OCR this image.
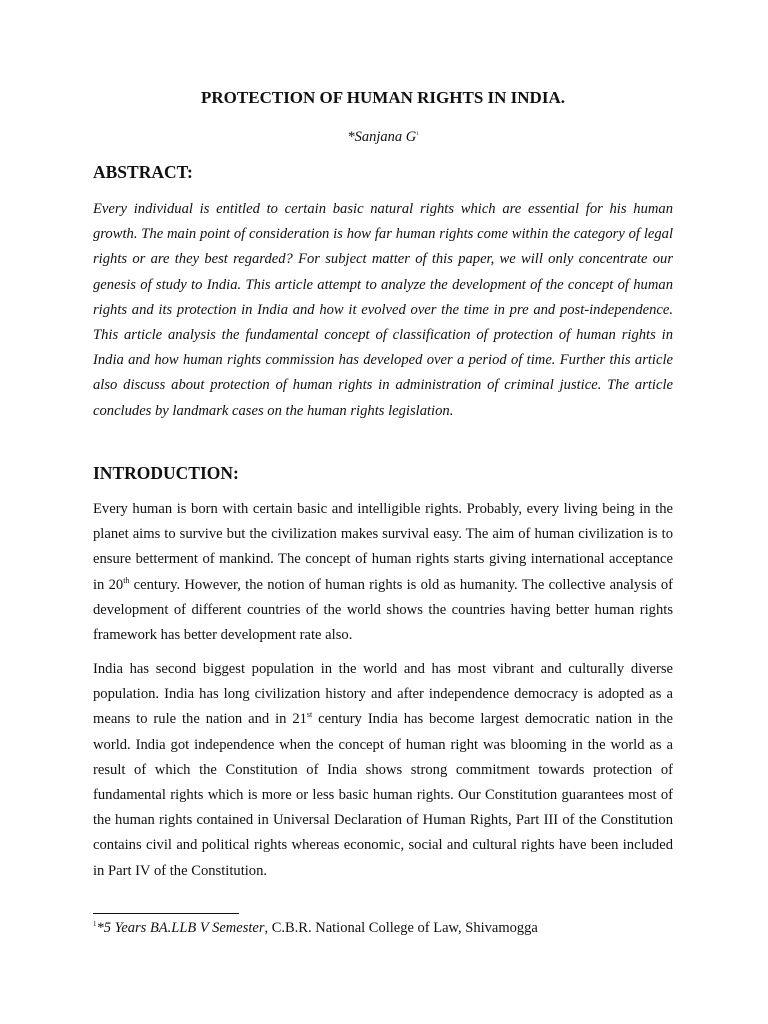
PROTECTION OF HUMAN RIGHTS IN INDIA.
*Sanjana $G^1$
ABSTRACT:
Every individual is entitled to certain basic natural rights which are essential for his human growth. The main point of consideration is how far human rights come within the category of legal rights or are they best regarded? For subject matter of this paper, we will only concentrate our genesis of study to India. This article attempt to analyze the development of the concept of human rights and its protection in India and how it evolved over the time in pre and post-independence. This article analysis the fundamental concept of classification of protection of human rights in India and how human rights commission has developed over a period of time. Further this article also discuss about protection of human rights in administration of criminal justice. The article concludes by landmark cases on the human rights legislation.
INTRODUCTION:
Every human is born with certain basic and intelligible rights. Probably, every living being in the planet aims to survive but the civilization makes survival easy. The aim of human civilization is to ensure betterment of mankind. The concept of human rights starts giving international acceptance in 20th century. However, the notion of human rights is old as humanity. The collective analysis of development of different countries of the world shows the countries having better human rights framework has better development rate also.
India has second biggest population in the world and has most vibrant and culturally diverse population. India has long civilization history and after independence democracy is adopted as a means to rule the nation and in 21st century India has become largest democratic nation in the world. India got independence when the concept of human right was blooming in the world as a result of which the Constitution of India shows strong commitment towards protection of fundamental rights which is more or less basic human rights. Our Constitution guarantees most of the human rights contained in Universal Declaration of Human Rights, Part III of the Constitution contains civil and political rights whereas economic, social and cultural rights have been included in Part IV of the Constitution.
$^1$*5 Years BA.LLB V Semester, C.B.R. National College of Law, Shivamogga
